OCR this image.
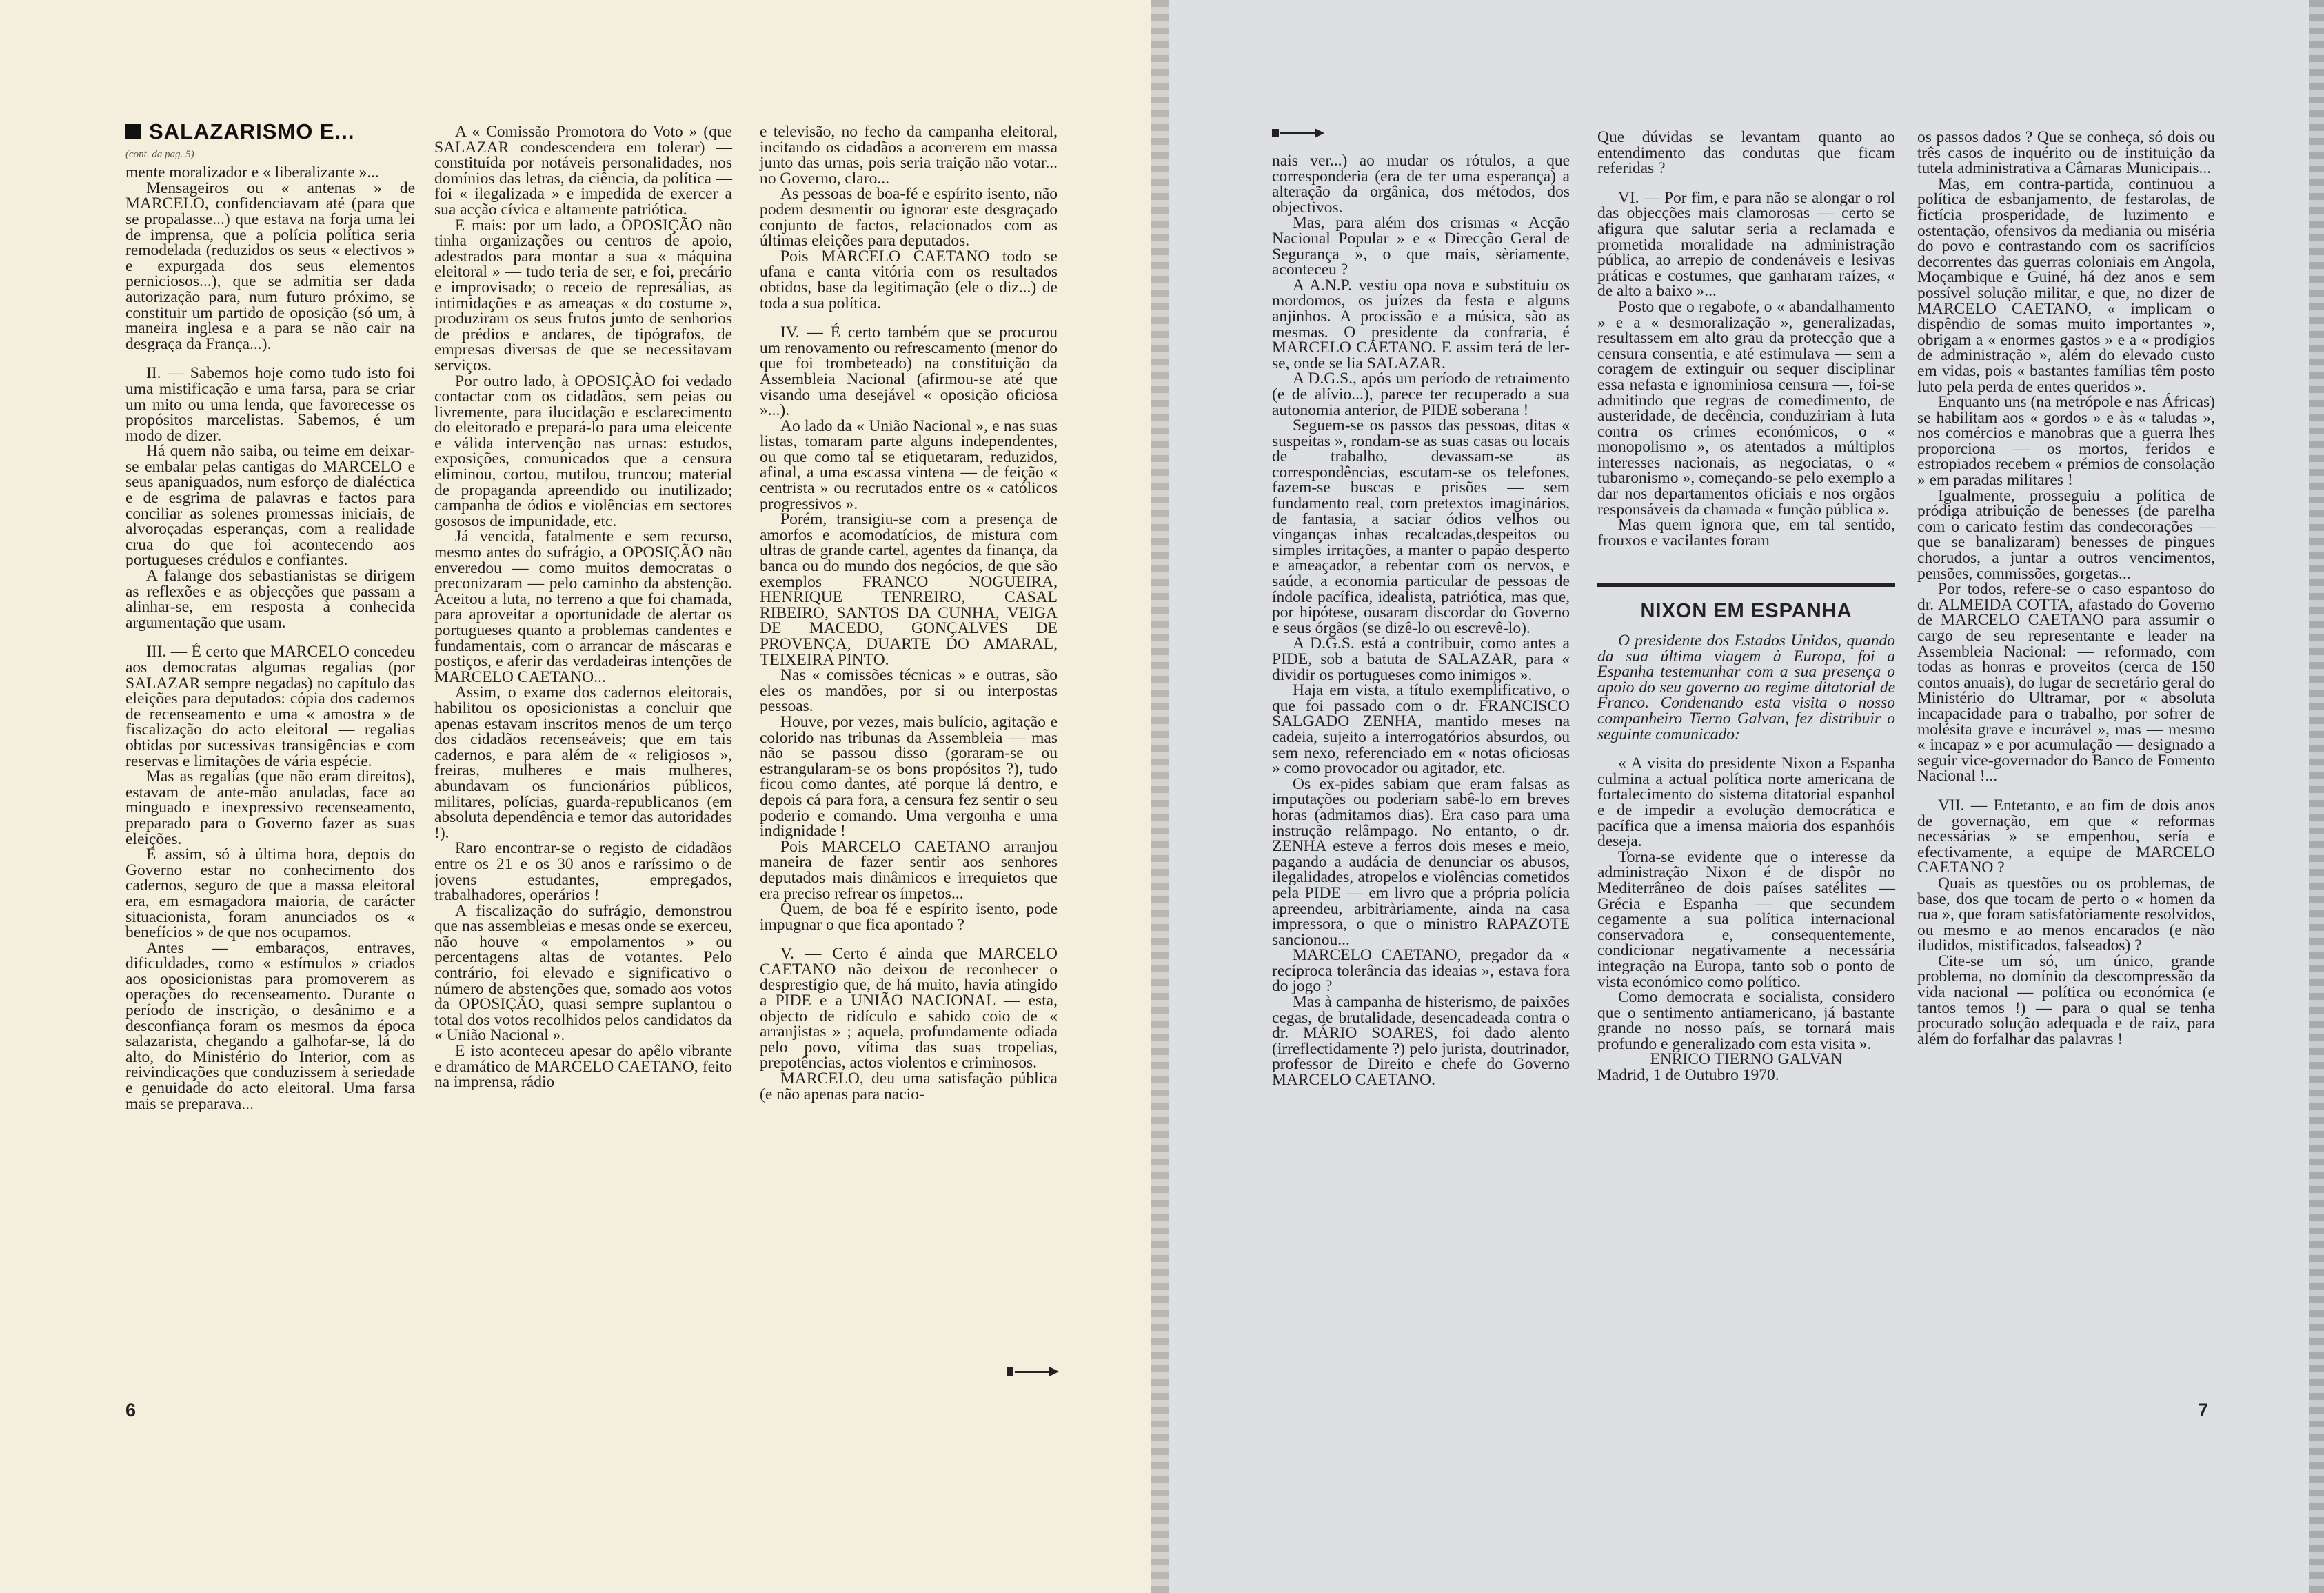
SALAZARISMO E...
(cont. da pag. 5)

mente moralizador e « liberalizante »...

Mensageiros ou « antenas » de MARCELO, confidenciavam até (para que se propalasse...) que estava na forja uma lei de imprensa, que a polícia política seria remodelada (reduzidos os seus « electivos » e expurgada dos seus elementos perniciosos...), que se admitia ser dada autorização para, num futuro próximo, se constituir um partido de oposição (só um, à maneira inglesa e a para se não cair na desgraça da França...).

II. — Sabemos hoje como tudo isto foi uma mistificação e uma farsa, para se criar um mito ou uma lenda, que favorecesse os propósitos marcelistas. Sabemos, é um modo de dizer.

Há quem não saiba, ou teime em deixar-se embalar pelas cantigas do MARCELO e seus apaniguados, num esforço de dialéctica e de esgrima de palavras e factos para conciliar as solenes promessas iniciais, de alvoroçadas esperanças, com a realidade crua do que foi acontecendo aos portugueses crédulos e confiantes.

A falange dos sebastianistas se dirigem as reflexões e as objecções que passam a alinhar-se, em resposta à conhecida argumentação que usam.

III. — É certo que MARCELO concedeu aos democratas algumas regalias (por SALAZAR sempre negadas) no capítulo das eleições para deputados: cópia dos cadernos de recenseamento e uma « amostra » de fiscalização do acto eleitoral — regalias obtidas por sucessivas transigências e com reservas e limitações de vária espécie.

Mas as regalias (que não eram direitos), estavam de ante-mão anuladas, face ao minguado e inexpressivo recenseamento, preparado para o Governo fazer as suas eleições.

E assim, só à última hora, depois do Governo estar no conhecimento dos cadernos, seguro de que a massa eleitoral era, em esmagadora maioria, de carácter situacionista, foram anunciados os « benefícios » de que nos ocupamos.

Antes — embaraços, entraves, dificuldades, como « estímulos » criados aos oposicionistas para promoverem as operações do recenseamento. Durante o período de inscrição, o desânimo e a desconfiança foram os mesmos da época salazarista, chegando a galhofar-se, lá do alto, do Ministério do Interior, com as reivindicações que conduzissem à seriedade e genuidade do acto eleitoral. Uma farsa mais se preparava...

A « Comissão Promotora do Voto » (que SALAZAR condescendera em tolerar) — constituída por notáveis personalidades, nos domínios das letras, da ciência, da política — foi « ilegalizada » e impedida de exercer a sua acção cívica e altamente patriótica.

E mais: por um lado, a OPOSIÇÃO não tinha organizações ou centros de apoio, adestrados para montar a sua « máquina eleitoral » — tudo teria de ser, e foi, precário e improvisado; o receio de represálias, as intimidações e as ameaças « do costume », produziram os seus frutos junto de senhorios de prédios e andares, de tipógrafos, de empresas diversas de que se necessitavam serviços.

Por outro lado, à OPOSIÇÃO foi vedado contactar com os cidadãos, sem peias ou livremente, para ilucidação e esclarecimento do eleitorado e prepará-lo para uma eleicente e válida intervenção nas urnas: estudos, exposições, comunicados que a censura eliminou, cortou, mutilou, truncou; material de propaganda apreendido ou inutilizado; campanha de ódios e violências em sectores gososos de impunidade, etc.

Já vencida, fatalmente e sem recurso, mesmo antes do sufrágio, a OPOSIÇÃO não enveredou — como muitos democratas o preconizaram — pelo caminho da abstenção. Aceitou a luta, no terreno a que foi chamada, para aproveitar a oportunidade de alertar os portugueses quanto a problemas candentes e fundamentais, com o arrancar de máscaras e postiços, e aferir das verdadeiras intenções de MARCELO CAETANO...

Assim, o exame dos cadernos eleitorais, habilitou os oposicionistas a concluir que apenas estavam inscritos menos de um terço dos cidadãos recenseáveis; que em tais cadernos, e para além de « religiosos », freiras, mulheres e mais mulheres, abundavam os funcionários públicos, militares, polícias, guarda-republicanos (em absoluta dependência e temor das autoridades !).

Raro encontrar-se o registo de cidadãos entre os 21 e os 30 anos e raríssimo o de jovens estudantes, empregados, trabalhadores, operários !

A fiscalização do sufrágio, demonstrou que nas assembleias e mesas onde se exerceu, não houve « empolamentos » ou percentagens altas de votantes. Pelo contrário, foi elevado e significativo o número de abstenções que, somado aos votos da OPOSIÇÃO, quasi sempre suplantou o total dos votos recolhidos pelos candidatos da « União Nacional ».

E isto aconteceu apesar do apêlo vibrante e dramático de MARCELO CAETANO, feito na imprensa, rádio

e televisão, no fecho da campanha eleitoral, incitando os cidadãos a acorrerem em massa junto das urnas, pois seria traição não votar... no Governo, claro...

As pessoas de boa-fé e espírito isento, não podem desmentir ou ignorar este desgraçado conjunto de factos, relacionados com as últimas eleições para deputados.

Pois MARCELO CAETANO todo se ufana e canta vitória com os resultados obtidos, base da legitimação (ele o diz...) de toda a sua política.

IV. — É certo também que se procurou um renovamento ou refrescamento (menor do que foi trombeteado) na constituição da Assembleia Nacional (afirmou-se até que visando uma desejável « oposição oficiosa »...).

Ao lado da « União Nacional », e nas suas listas, tomaram parte alguns independentes, ou que como tal se etiquetaram, reduzidos, afinal, a uma escassa vintena — de feição « centrista » ou recrutados entre os « católicos progressivos ».

Porém, transigiu-se com a presença de amorfos e acomodatícios, de mistura com ultras de grande cartel, agentes da finança, da banca ou do mundo dos negócios, de que são exemplos FRANCO NOGUEIRA, HENRIQUE TENREIRO, CASAL RIBEIRO, SANTOS DA CUNHA, VEIGA DE MACEDO, GONÇALVES DE PROVENÇA, DUARTE DO AMARAL, TEIXEIRA PINTO.

Nas « comissões técnicas » e outras, são eles os mandões, por si ou interpostas pessoas.

Houve, por vezes, mais bulício, agitação e colorido nas tribunas da Assembleia — mas não se passou disso (goraram-se ou estrangularam-se os bons propósitos ?), tudo ficou como dantes, até porque lá dentro, e depois cá para fora, a censura fez sentir o seu poderio e comando. Uma vergonha e uma indignidade !

Pois MARCELO CAETANO arranjou maneira de fazer sentir aos senhores deputados mais dinâmicos e irrequietos que era preciso refrear os ímpetos...

Quem, de boa fé e espírito isento, pode impugnar o que fica apontado ?

V. — Certo é ainda que MARCELO CAETANO não deixou de reconhecer o desprestígio que, de há muito, havia atingido a PIDE e a UNIÃO NACIONAL — esta, objecto de ridículo e sabido coio de « arranjistas » ; aquela, profundamente odiada pelo povo, vítima das suas tropelias, prepotências, actos violentos e criminosos.

MARCELO, deu uma satisfação pública (e não apenas para nacio-

6

nais ver...) ao mudar os rótulos, a que corresponderia (era de ter uma esperança) a alteração da orgânica, dos métodos, dos objectivos.

Mas, para além dos crismas « Acção Nacional Popular » e « Direcção Geral de Segurança », o que mais, sèriamente, aconteceu ?

A A.N.P. vestiu opa nova e substituiu os mordomos, os juízes da festa e alguns anjinhos. A procissão e a música, são as mesmas. O presidente da confraria, é MARCELO CAETANO. E assim terá de ler-se, onde se lia SALAZAR.

A D.G.S., após um período de retraimento (e de alívio...), parece ter recuperado a sua autonomia anterior, de PIDE soberana !

Seguem-se os passos das pessoas, ditas « suspeitas », rondam-se as suas casas ou locais de trabalho, devassam-se as correspondências, escutam-se os telefones, fazem-se buscas e prisões — sem fundamento real, com pretextos imaginários, de fantasia, a saciar ódios velhos ou vinganças inhas recalcadas,despeitos ou simples irritações, a manter o papão desperto e ameaçador, a rebentar com os nervos, e saúde, a economia particular de pessoas de índole pacífica, idealista, patriótica, mas que, por hipótese, ousaram discordar do Governo e seus órgãos (se dizê-lo ou escrevê-lo).

A D.G.S. está a contribuir, como antes a PIDE, sob a batuta de SALAZAR, para « dividir os portugueses como inimigos ».

Haja em vista, a título exemplificativo, o que foi passado com o dr. FRANCISCO SALGADO ZENHA, mantido meses na cadeia, sujeito a interrogatórios absurdos, ou sem nexo, referenciado em « notas oficiosas » como provocador ou agitador, etc.

Os ex-pides sabiam que eram falsas as imputações ou poderiam sabê-lo em breves horas (admitamos dias). Era caso para uma instrução relâmpago. No entanto, o dr. ZENHA esteve a ferros dois meses e meio, pagando a audácia de denunciar os abusos, ilegalidades, atropelos e violências cometidos pela PIDE — em livro que a própria polícia apreendeu, arbitràriamente, ainda na casa impressora, o que o ministro RAPAZOTE sancionou...

MARCELO CAETANO, pregador da « recíproca tolerância das ideaias », estava fora do jogo ?

Mas à campanha de histerismo, de paixões cegas, de brutalidade, desencadeada contra o dr. MÁRIO SOARES, foi dado alento (irreflectidamente ?) pelo jurista, doutrinador, professor de Direito e chefe do Governo MARCELO CAETANO.

Que dúvidas se levantam quanto ao entendimento das condutas que ficam referidas ?

VI. — Por fim, e para não se alongar o rol das objecções mais clamorosas — certo se afigura que salutar seria a reclamada e prometida moralidade na administração pública, ao arrepio de condenáveis e lesivas práticas e costumes, que ganharam raízes, « de alto a baixo »...

Posto que o regabofe, o « abandalhamento » e a « desmoralização », generalizadas, resultassem em alto grau da protecção que a censura consentia, e até estimulava — sem a coragem de extinguir ou sequer disciplinar essa nefasta e ignominiosa censura —, foi-se admitindo que regras de comedimento, de austeridade, de decência, conduziriam à luta contra os crimes económicos, o « monopolismo », os atentados a múltiplos interesses nacionais, as negociatas, o « tubaronismo », começando-se pelo exemplo a dar nos departamentos oficiais e nos orgãos responsáveis da chamada « função pública ».

Mas quem ignora que, em tal sentido, frouxos e vacilantes foram

NIXON EM ESPANHA

O presidente dos Estados Unidos, quando da sua última viagem à Europa, foi a Espanha testemunhar com a sua presença o apoio do seu governo ao regime ditatorial de Franco. Condenando esta visita o nosso companheiro Tierno Galvan, fez distribuir o seguinte comunicado:

« A visita do presidente Nixon a Espanha culmina a actual política norte americana de fortalecimento do sistema ditatorial espanhol e de impedir a evolução democrática e pacífica que a imensa maioria dos espanhóis deseja.

Torna-se evidente que o interesse da administração Nixon é de dispôr no Mediterrâneo de dois países satélites — Grécia e Espanha — que secundem cegamente a sua política internacional conservadora e, consequentemente, condicionar negativamente a necessária integração na Europa, tanto sob o ponto de vista económico como político.

Como democrata e socialista, considero que o sentimento antiamericano, já bastante grande no nosso país, se tornará mais profundo e generalizado com esta visita ».

ENRICO TIERNO GALVAN

Madrid, 1 de Outubro 1970.

os passos dados ? Que se conheça, só dois ou três casos de inquérito ou de instituição da tutela administrativa a Câmaras Municipais...

Mas, em contra-partida, continuou a política de esbanjamento, de festarolas, de fictícia prosperidade, de luzimento e ostentação, ofensivos da mediania ou miséria do povo e contrastando com os sacrifícios decorrentes das guerras coloniais em Angola, Moçambique e Guiné, há dez anos e sem possível solução militar, e que, no dizer de MARCELO CAETANO, « implicam o dispêndio de somas muito importantes », obrigam a « enormes gastos » e a « prodígios de administração », além do elevado custo em vidas, pois « bastantes famílias têm posto luto pela perda de entes queridos ».

Enquanto uns (na metrópole e nas Áfricas) se habilitam aos « gordos » e às « taludas », nos comércios e manobras que a guerra lhes proporciona — os mortos, feridos e estropiados recebem « prémios de consolação » em paradas militares !

Igualmente, prosseguiu a política de pródiga atribuição de benesses (de parelha com o caricato festim das condecorações — que se banalizaram) benesses de pingues chorudos, a juntar a outros vencimentos, pensões, commissões, gorgetas...

Por todos, refere-se o caso espantoso do dr. ALMEIDA COTTA, afastado do Governo de MARCELO CAETANO para assumir o cargo de seu representante e leader na Assembleia Nacional: — reformado, com todas as honras e proveitos (cerca de 150 contos anuais), do lugar de secretário geral do Ministério do Ultramar, por « absoluta incapacidade para o trabalho, por sofrer de molésita grave e incurável », mas — mesmo « incapaz » e por acumulação — designado a seguir vice-governador do Banco de Fomento Nacional !...

VII. — Entetanto, e ao fim de dois anos de governação, em que « reformas necessárias » se empenhou, sería e efectivamente, a equipe de MARCELO CAETANO ?

Quais as questões ou os problemas, de base, dos que tocam de perto o « homen da rua », que foram satisfatòriamente resolvidos, ou mesmo e ao menos encarados (e não iludidos, mistificados, falseados) ?

Cite-se um só, um único, grande problema, no domínio da descompressão da vida nacional — política ou económica (e tantos temos !) — para o qual se tenha procurado solução adequada e de raiz, para além do forfalhar das palavras !

7
